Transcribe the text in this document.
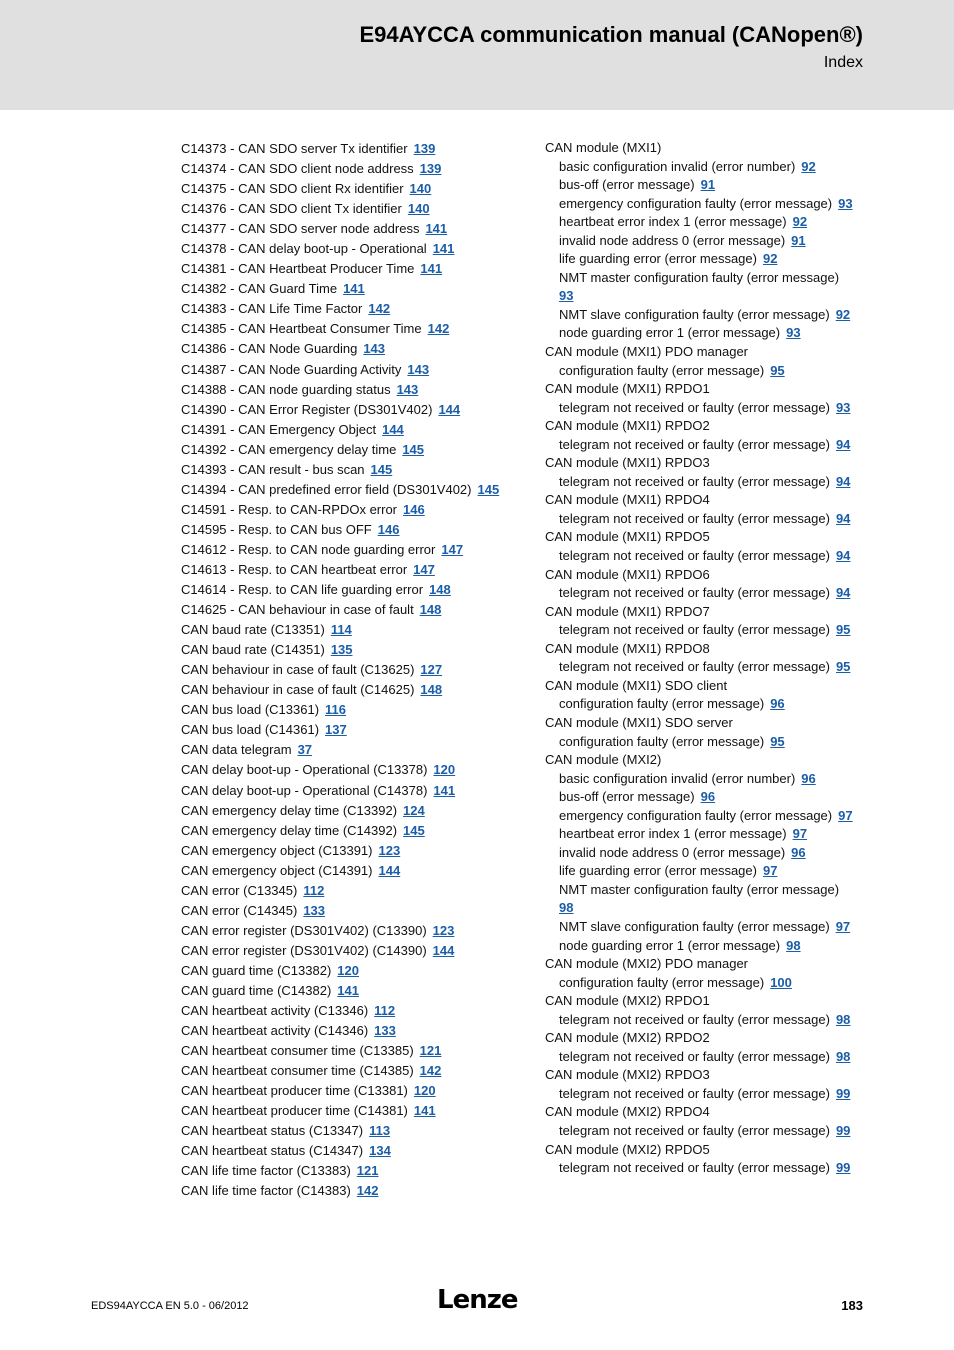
E94AYCCA communication manual (CANopen®)
Index
C14373 - CAN SDO server Tx identifier 139
C14374 - CAN SDO client node address 139
C14375 - CAN SDO client Rx identifier 140
C14376 - CAN SDO client Tx identifier 140
C14377 - CAN SDO server node address 141
C14378 - CAN delay boot-up - Operational 141
C14381 - CAN Heartbeat Producer Time 141
C14382 - CAN Guard Time 141
C14383 - CAN Life Time Factor 142
C14385 - CAN Heartbeat Consumer Time 142
C14386 - CAN Node Guarding 143
C14387 - CAN Node Guarding Activity 143
C14388 - CAN node guarding status 143
C14390 - CAN Error Register (DS301V402) 144
C14391 - CAN Emergency Object 144
C14392 - CAN emergency delay time 145
C14393 - CAN result - bus scan 145
C14394 - CAN predefined error field (DS301V402) 145
C14591 - Resp. to CAN-RPDOx error 146
C14595 - Resp. to CAN bus OFF 146
C14612 - Resp. to CAN node guarding error 147
C14613 - Resp. to CAN heartbeat error 147
C14614 - Resp. to CAN life guarding error 148
C14625 - CAN behaviour in case of fault 148
CAN baud rate (C13351) 114
CAN baud rate (C14351) 135
CAN behaviour in case of fault (C13625) 127
CAN behaviour in case of fault (C14625) 148
CAN bus load (C13361) 116
CAN bus load (C14361) 137
CAN data telegram 37
CAN delay boot-up - Operational (C13378) 120
CAN delay boot-up - Operational (C14378) 141
CAN emergency delay time (C13392) 124
CAN emergency delay time (C14392) 145
CAN emergency object (C13391) 123
CAN emergency object (C14391) 144
CAN error (C13345) 112
CAN error (C14345) 133
CAN error register (DS301V402) (C13390) 123
CAN error register (DS301V402) (C14390) 144
CAN guard time (C13382) 120
CAN guard time (C14382) 141
CAN heartbeat activity (C13346) 112
CAN heartbeat activity (C14346) 133
CAN heartbeat consumer time (C13385) 121
CAN heartbeat consumer time (C14385) 142
CAN heartbeat producer time (C13381) 120
CAN heartbeat producer time (C14381) 141
CAN heartbeat status (C13347) 113
CAN heartbeat status (C14347) 134
CAN life time factor (C13383) 121
CAN life time factor (C14383) 142
CAN module (MXI1)
basic configuration invalid (error number) 92
bus-off (error message) 91
emergency configuration faulty (error message) 93
heartbeat error index 1 (error message) 92
invalid node address 0 (error message) 91
life guarding error (error message) 92
NMT master configuration faulty (error message)
93
NMT slave configuration faulty (error message) 92
node guarding error 1 (error message) 93
CAN module (MXI1) PDO manager
configuration faulty (error message) 95
CAN module (MXI1) RPDO1
telegram not received or faulty (error message) 93
CAN module (MXI1) RPDO2
telegram not received or faulty (error message) 94
CAN module (MXI1) RPDO3
telegram not received or faulty (error message) 94
CAN module (MXI1) RPDO4
telegram not received or faulty (error message) 94
CAN module (MXI1) RPDO5
telegram not received or faulty (error message) 94
CAN module (MXI1) RPDO6
telegram not received or faulty (error message) 94
CAN module (MXI1) RPDO7
telegram not received or faulty (error message) 95
CAN module (MXI1) RPDO8
telegram not received or faulty (error message) 95
CAN module (MXI1) SDO client
configuration faulty (error message) 96
CAN module (MXI1) SDO server
configuration faulty (error message) 95
CAN module (MXI2)
basic configuration invalid (error number) 96
bus-off (error message) 96
emergency configuration faulty (error message) 97
heartbeat error index 1 (error message) 97
invalid node address 0 (error message) 96
life guarding error (error message) 97
NMT master configuration faulty (error message)
98
NMT slave configuration faulty (error message) 97
node guarding error 1 (error message) 98
CAN module (MXI2) PDO manager
configuration faulty (error message) 100
CAN module (MXI2) RPDO1
telegram not received or faulty (error message) 98
CAN module (MXI2) RPDO2
telegram not received or faulty (error message) 98
CAN module (MXI2) RPDO3
telegram not received or faulty (error message) 99
CAN module (MXI2) RPDO4
telegram not received or faulty (error message) 99
CAN module (MXI2) RPDO5
telegram not received or faulty (error message) 99
EDS94AYCCA EN 5.0 - 06/2012	Lenze	183
